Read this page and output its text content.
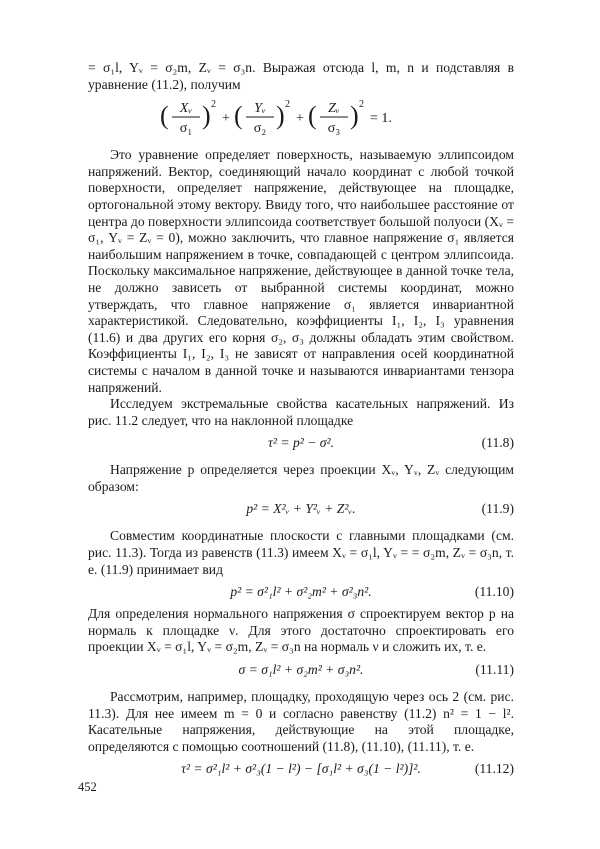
= σ₁l, Yᵥ = σ₂m, Zᵥ = σ₃n. Выражая отсюда l, m, n и подставляя в уравнение (11.2), получим

( Xᵥ
σ₁ ) 2
+ ( Yᵥ
σ₂ ) 2
+ ( Zᵥ
σ₃ ) 2
= 1.

Это уравнение определяет поверхность, называемую эллипсоидом напряжений. Вектор, соединяющий начало координат с любой точкой поверхности, определяет напряжение, действующее на площадке, ортогональной этому вектору. Ввиду того, что наибольшее расстояние от центра до поверхности эллипсоида соответствует большой полуоси (Xᵥ = σ₁, Yᵥ = Zᵥ = 0), можно заключить, что главное напряжение σ₁ является наибольшим напряжением в точке, совпадающей с центром эллипсоида. Поскольку максимальное напряжение, действующее в данной точке тела, не должно зависеть от выбранной системы координат, можно утверждать, что главное напряжение σ₁ является инвариантной характеристикой. Следовательно, коэффициенты I₁, I₂, I₃ уравнения (11.6) и два других его корня σ₂, σ₃ должны обладать этим свойством. Коэффициенты I₁, I₂, I₃ не зависят от направления осей координатной системы с началом в данной точке и называются инвариантами тензора напряжений.

Исследуем экстремальные свойства касательных напряжений. Из рис. 11.2 следует, что на наклонной площадке

τ² = p² − σ².	(11.8)

Напряжение p определяется через проекции Xᵥ, Yᵥ, Zᵥ следующим образом:

p² = X²ᵥ + Y²ᵥ + Z²ᵥ.	(11.9)

Совместим координатные плоскости с главными площадками (см. рис. 11.3). Тогда из равенств (11.3) имеем Xᵥ = σ₁l, Yᵥ = = σ₂m, Zᵥ = σ₃n, т. е. (11.9) принимает вид

p² = σ²₁l² + σ²₂m² + σ²₃n².	(11.10)

Для определения нормального напряжения σ спроектируем вектор p на нормаль к площадке ν. Для этого достаточно спроектировать его проекции Xᵥ = σ₁l, Yᵥ = σ₂m, Zᵥ = σ₃n на нормаль ν и сложить их, т. е.

σ = σ₁l² + σ₂m² + σ₃n².	(11.11)

Рассмотрим, например, площадку, проходящую через ось 2 (см. рис. 11.3). Для нее имеем m = 0 и согласно равенству (11.2) n² = 1 − l². Касательные напряжения, действующие на этой площадке, определяются с помощью соотношений (11.8), (11.10), (11.11), т. е.

τ² = σ²₁l² + σ²₃(1 − l²) − [σ₁l² + σ₃(1 − l²)]².	(11.12)
452
